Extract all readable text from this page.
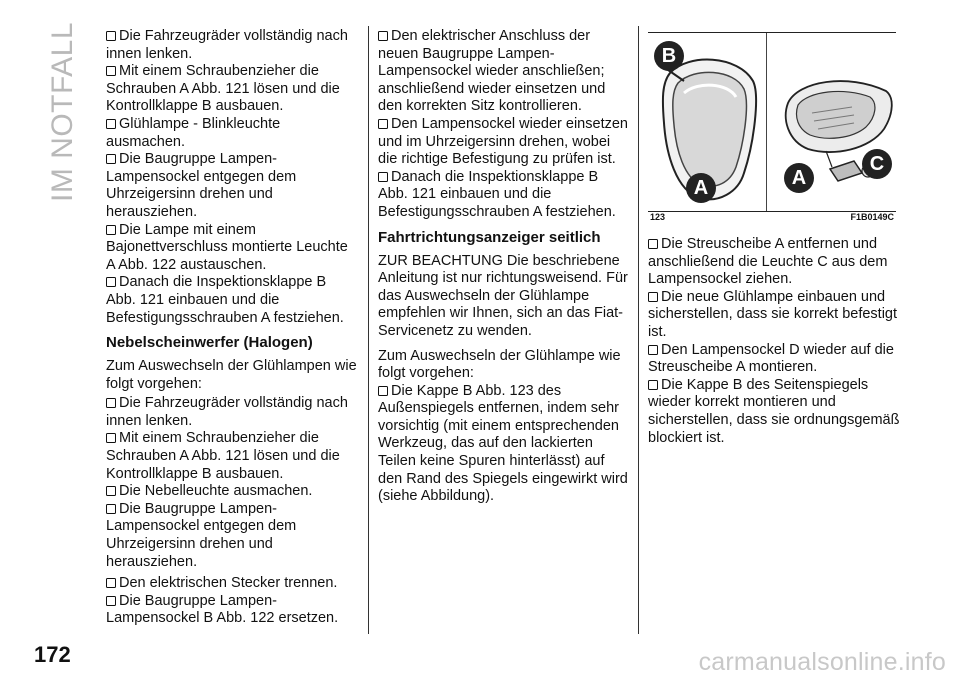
IM NOTFALL	Die Fahrzeugräder vollständig nach innen lenken.
Mit einem Schraubenzieher die Schrauben A Abb. 121 lösen und die Kontrollklappe B ausbauen.
Glühlampe - Blinkleuchte ausmachen.
Die Baugruppe Lampen-Lampensockel entgegen dem Uhrzeigersinn drehen und herausziehen.
Die Lampe mit einem Bajonettverschluss montierte Leuchte A Abb. 122 austauschen.
Danach die Inspektionsklappe B Abb. 121 einbauen und die Befestigungsschrauben A festziehen.
Nebelscheinwerfer (Halogen)

Zum Auswechseln der Glühlampen wie folgt vorgehen:

Die Fahrzeugräder vollständig nach innen lenken.
Mit einem Schraubenzieher die Schrauben A Abb. 121 lösen und die Kontrollklappe B ausbauen.
Die Nebelleuchte ausmachen.
Die Baugruppe Lampen-Lampensockel entgegen dem Uhrzeigersinn drehen und herausziehen.
Den elektrischen Stecker trennen.
Die Baugruppe Lampen-Lampensockel B Abb. 122 ersetzen.
Den elektrischer Anschluss der neuen Baugruppe Lampen-Lampensockel wieder anschließen; anschließend wieder einsetzen und den korrekten Sitz kontrollieren.
Den Lampensockel wieder einsetzen und im Uhrzeigersinn drehen, wobei die richtige Befestigung zu prüfen ist.
Danach die Inspektionsklappe B Abb. 121 einbauen und die Befestigungsschrauben A festziehen.
Fahrtrichtungsanzeiger seitlich

ZUR BEACHTUNG Die beschriebene Anleitung ist nur richtungsweisend. Für das Auswechseln der Glühlampe empfehlen wir Ihnen, sich an das Fiat-Servicenetz zu wenden.

Zum Auswechseln der Glühlampe wie folgt vorgehen:

Die Kappe B Abb. 123 des Außenspiegels entfernen, indem sehr vorsichtig (mit einem entsprechenden Werkzeug, das auf den lackierten Teilen keine Spuren hinterlässt) auf den Rand des Spiegels eingewirkt wird (siehe Abbildung).
B
A	A
C
123	F1B0149C
Die Streuscheibe A entfernen und anschließend die Leuchte C aus dem Lampensockel ziehen.
Die neue Glühlampe einbauen und sicherstellen, dass sie korrekt befestigt ist.
Den Lampensockel D wieder auf die Streuscheibe A montieren.
Die Kappe B des Seitenspiegels wieder korrekt montieren und sicherstellen, dass sie ordnungsgemäß blockiert ist.
172	carmanualsonline.info
